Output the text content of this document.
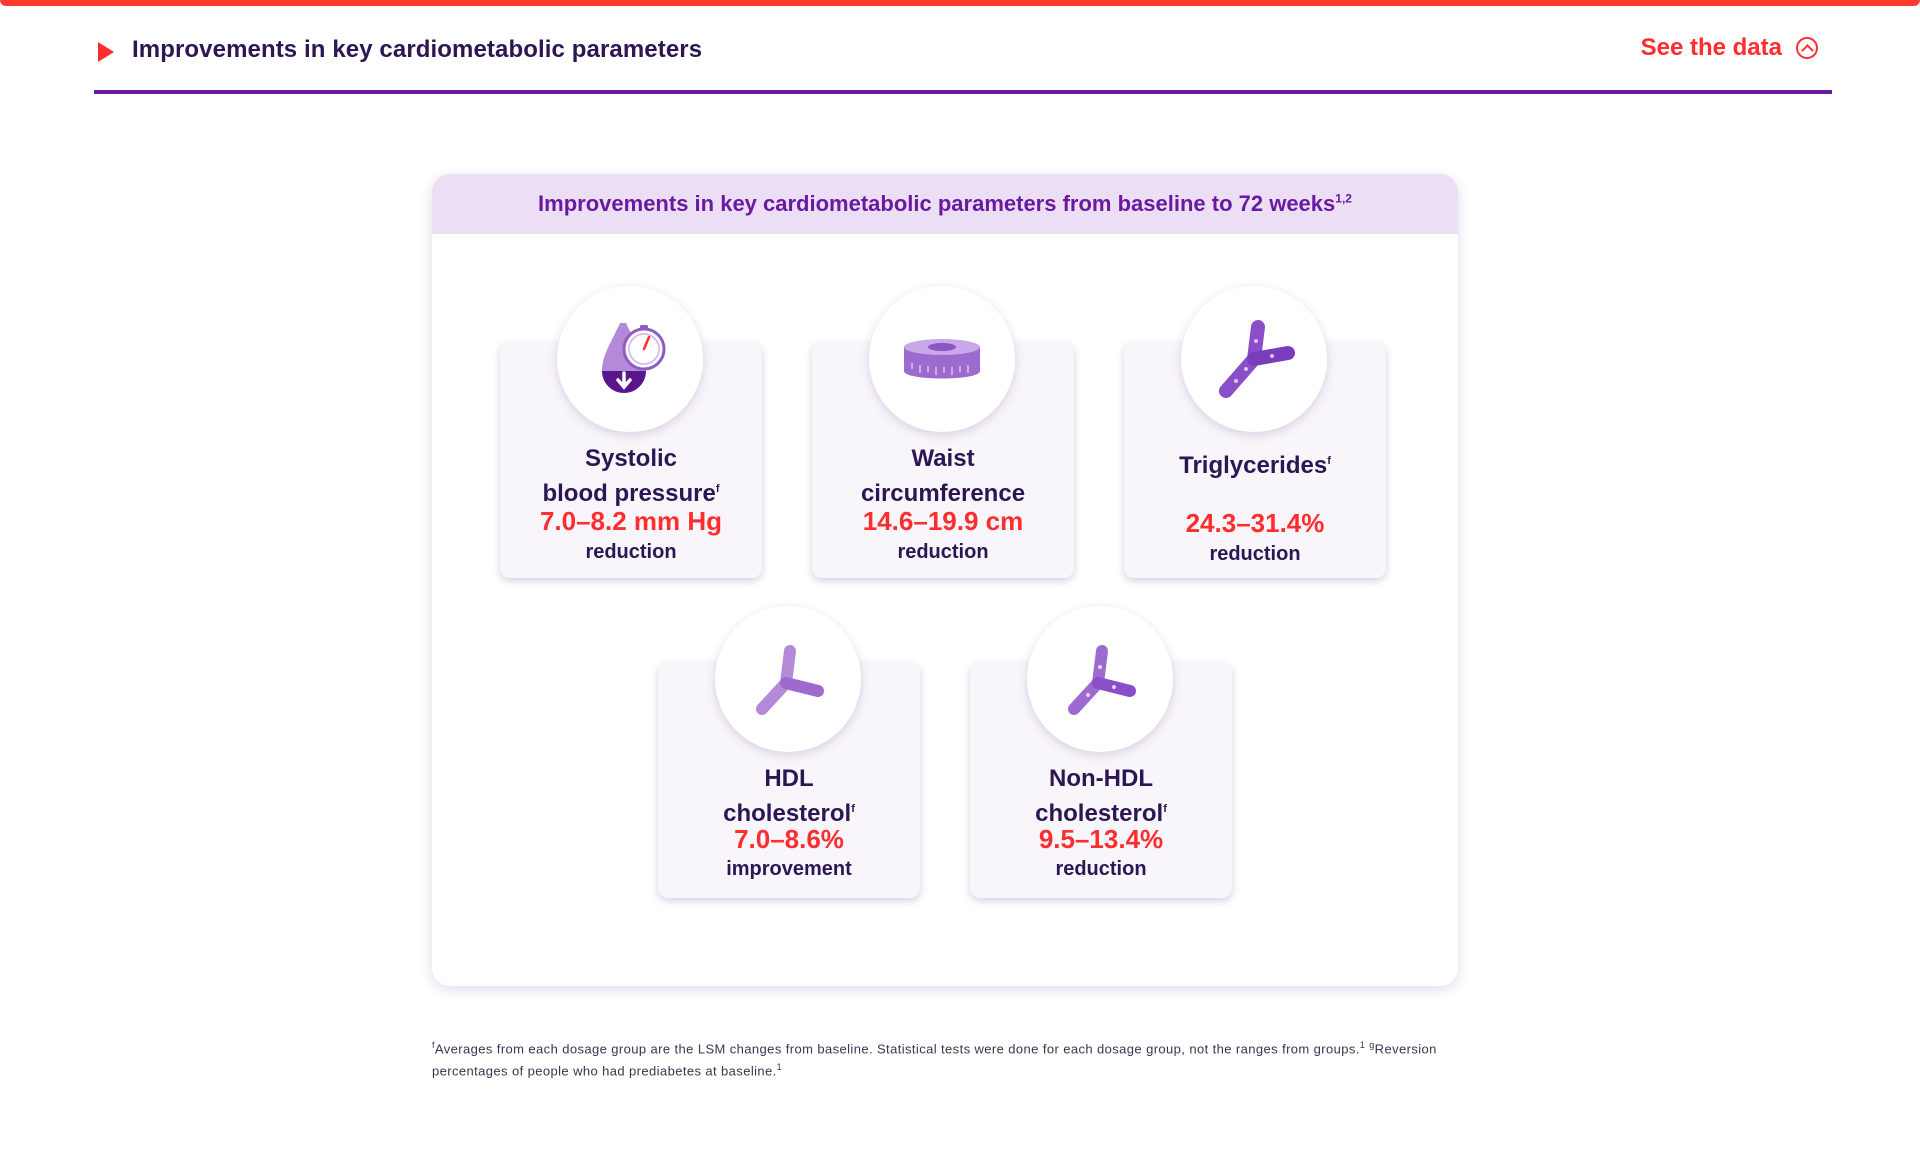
Improvements in key cardiometabolic parameters	See the data
Improvements in key cardiometabolic parameters from baseline to 72 weeks$^{1,2}$
Systolic
blood pressure$^f$
7.0–8.2 mm Hg
reduction
Waist
circumference
14.6–19.9 cm
reduction
Triglycerides$^f$
24.3–31.4%
reduction
HDL
cholesterol$^f$
7.0–8.6%
improvement
Non-HDL
cholesterol$^f$
9.5–13.4%
reduction
$^f$Averages from each dosage group are the LSM changes from baseline. Statistical tests were done for each dosage group, not the ranges from groups.$^1$ $^g$Reversion percentages of people who had prediabetes at baseline.$^1$
